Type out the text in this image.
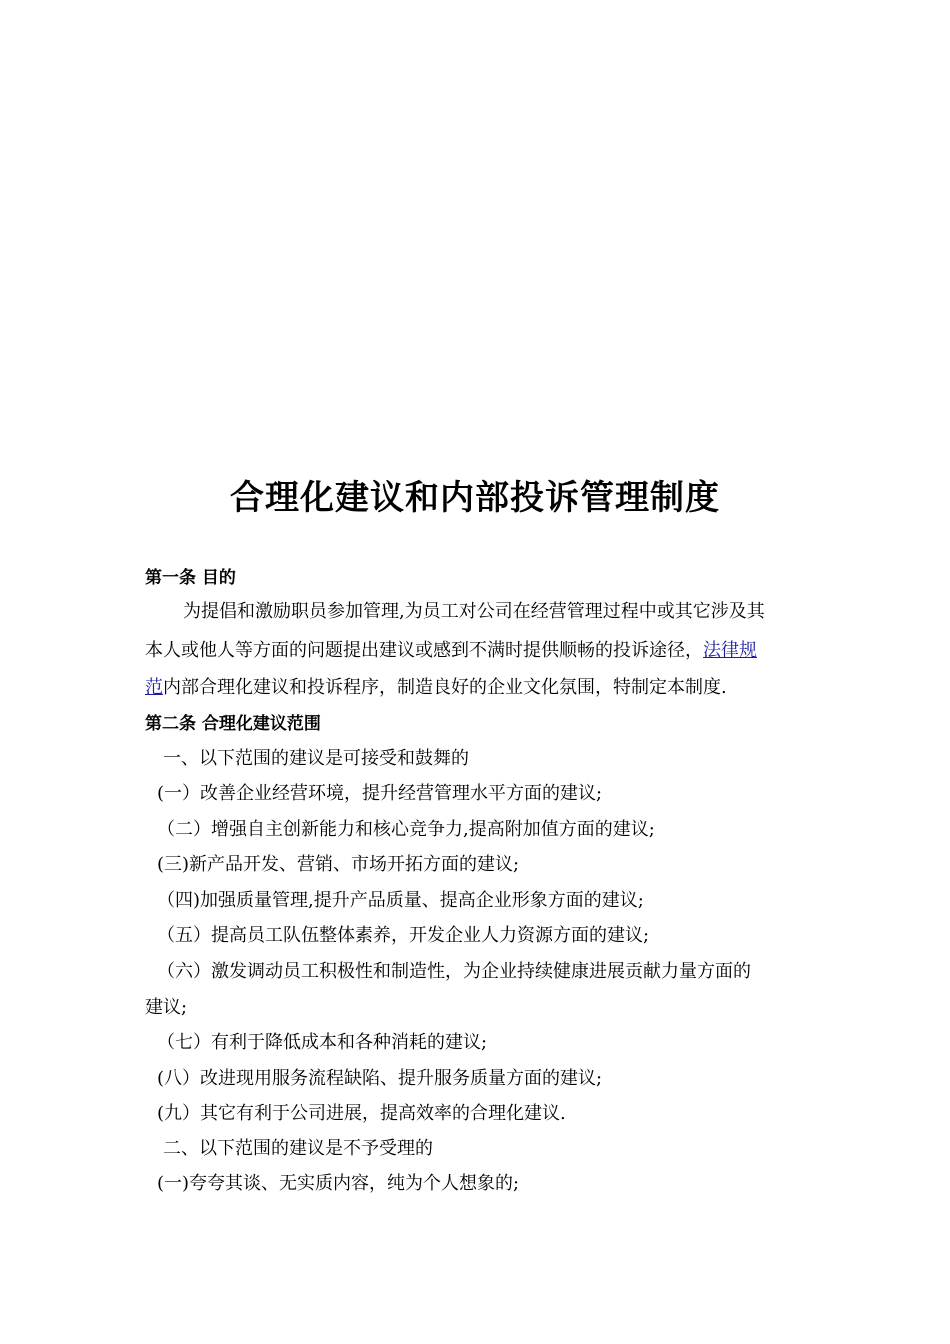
合理化建议和内部投诉管理制度
第一条 目的
为提倡和激励职员参加管理,为员工对公司在经营管理过程中或其它涉及其
本人或他人等方面的问题提出建议或感到不满时提供顺畅的投诉途径，法律规
范内部合理化建议和投诉程序，制造良好的企业文化氛围，特制定本制度.
第二条 合理化建议范围
一、以下范围的建议是可接受和鼓舞的
(一）改善企业经营环境，提升经营管理水平方面的建议;
（二）增强自主创新能力和核心竞争力,提高附加值方面的建议;
(三)新产品开发、营销、市场开拓方面的建议;
（四)加强质量管理,提升产品质量、提高企业形象方面的建议;
（五）提高员工队伍整体素养，开发企业人力资源方面的建议;
（六）激发调动员工积极性和制造性，为企业持续健康进展贡献力量方面的
建议;
（七）有利于降低成本和各种消耗的建议;
(八）改进现用服务流程缺陷、提升服务质量方面的建议;
(九）其它有利于公司进展，提高效率的合理化建议.
二、以下范围的建议是不予受理的
(一)夸夸其谈、无实质内容，纯为个人想象的;
